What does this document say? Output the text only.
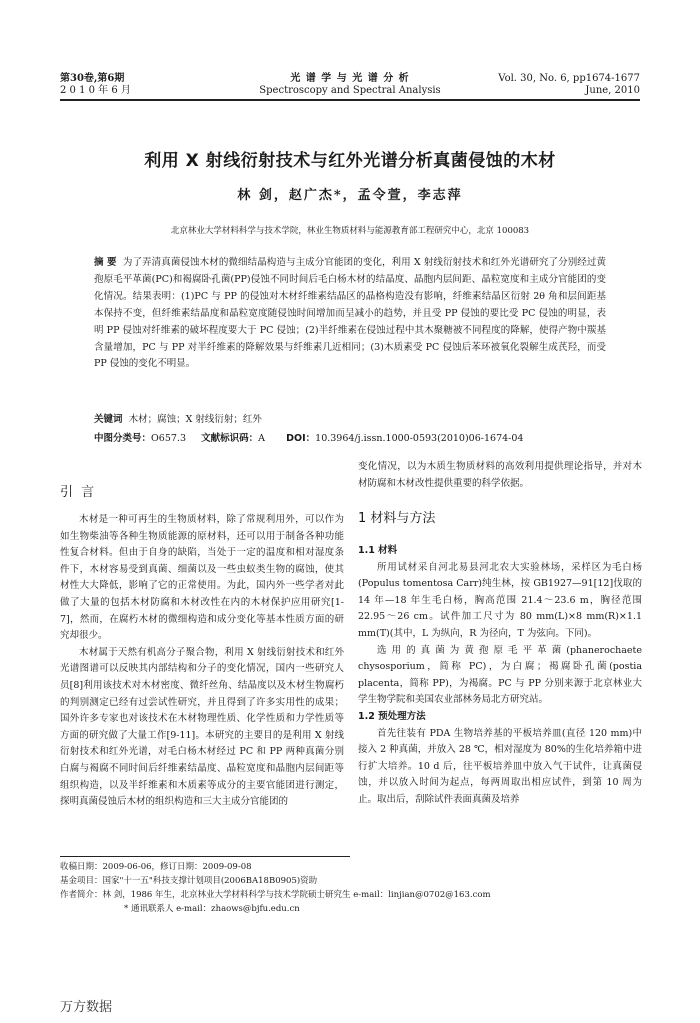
第30卷,第6期
2 0 1 0 年 6 月
光 谱 学 与 光 谱 分 析
Spectroscopy and Spectral Analysis
Vol. 30, No. 6, pp1674-1677
June, 2010
利用 X 射线衍射技术与红外光谱分析真菌侵蚀的木材
林 剑，赵广杰*，孟令萱，李志萍
北京林业大学材料科学与技术学院，林业生物质材料与能源教育部工程研究中心，北京 100083
摘 要 为了弄清真菌侵蚀木材的微细结晶构造与主成分官能团的变化，利用 X 射线衍射技术和红外光谱研究了分别经过黄孢原毛平革菌(PC)和褐腐卧孔菌(PP)侵蚀不同时间后毛白杨木材的结晶度、晶胞内层间距、晶粒宽度和主成分官能团的变化情况。结果表明：(1)PC 与 PP 的侵蚀对木材纤维素结晶区的晶格构造没有影响，纤维素结晶区衍射 2θ 角和层间距基本保持不变，但纤维素结晶度和晶粒宽度随侵蚀时间增加而呈减小的趋势，并且受 PP 侵蚀的要比受 PC 侵蚀的明显，表明 PP 侵蚀对纤维素的破坏程度要大于 PC 侵蚀；(2)半纤维素在侵蚀过程中其木聚糖被不同程度的降解，使得产物中羰基含量增加，PC 与 PP 对半纤维素的降解效果与纤维素几近相同；(3)木质素受 PC 侵蚀后苯环被氧化裂解生成芪羟，而受 PP 侵蚀的变化不明显。
关键词 木材；腐蚀；X 射线衍射；红外
中图分类号：O657.3 文献标识码：A DOI：10.3964/j.issn.1000-0593(2010)06-1674-04
引 言

木材是一种可再生的生物质材料，除了常规利用外，可以作为如生物柴油等各种生物质能源的原材料，还可以用于制备各种功能性复合材料。但由于自身的缺陷，当处于一定的温度和相对湿度条件下，木材容易受到真菌、细菌以及一些虫蚁类生物的腐蚀，使其材性大大降低，影响了它的正常使用。为此，国内外一些学者对此做了大量的包括木材防腐和木材改性在内的木材保护应用研究[1-7]，然而，在腐朽木材的微细构造和成分变化等基本性质方面的研究却很少。

木材属于天然有机高分子聚合物，利用 X 射线衍射技术和红外光谱图谱可以反映其内部结构和分子的变化情况，国内一些研究人员[8]利用该技术对木材密度、微纤丝角、结晶度以及木材生物腐朽的判别测定已经有过尝试性研究，并且得到了许多实用性的成果；国外许多专家也对该技术在木材物理性质、化学性质和力学性质等方面的研究做了大量工作[9-11]。本研究的主要目的是利用 X 射线衍射技术和红外光谱，对毛白杨木材经过 PC 和 PP 两种真菌分别白腐与褐腐不同时间后纤维素结晶度、晶粒宽度和晶胞内层间距等组织构造，以及半纤维素和木质素等成分的主要官能团进行测定，探明真菌侵蚀后木材的组织构造和三大主成分官能团的

变化情况，以为木质生物质材料的高效利用提供理论指导，并对木材防腐和木材改性提供重要的科学依据。
1 材料与方法
1.1 材料

所用试材采自河北易县河北农大实验林场，采样区为毛白杨(Populus tomentosa Carr)纯生林，按 GB1927—91[12]伐取的 14 年—18 年生毛白杨，胸高范围 21.4～23.6 m，胸径范围 22.95～26 cm。试件加工尺寸为 80 mm(L)×8 mm(R)×1.1 mm(T)(其中，L 为纵向，R 为径向，T 为弦向。下同)。

选用的真菌为黄孢原毛平革菌(phanerochaete chysosporium，简称 PC)，为白腐；褐腐卧孔菌(postia placenta，简称 PP)，为褐腐。PC 与 PP 分别来源于北京林业大学生物学院和美国农业部林务局北方研究站。

1.2 预处理方法

首先往装有 PDA 生物培养基的平板培养皿(直径 120 mm)中接入 2 种真菌，并放入 28 ℃，相对湿度为 80%的生化培养箱中进行扩大培养。10 d 后，往平板培养皿中放入气干试件，让真菌侵蚀，并以放入时间为起点，每两周取出相应试件，到第 10 周为止。取出后，刮除试件表面真菌及培养

收稿日期：2009-06-06，修订日期：2009-09-08
基金项目：国家"十一五"科技支撑计划项目(2006BA18B0905)资助
作者简介：林 剑，1986 年生，北京林业大学材料科学与技术学院硕士研究生 e-mail：linjian@0702@163.com
* 通讯联系人 e-mail：zhaows@bjfu.edu.cn
万方数据
